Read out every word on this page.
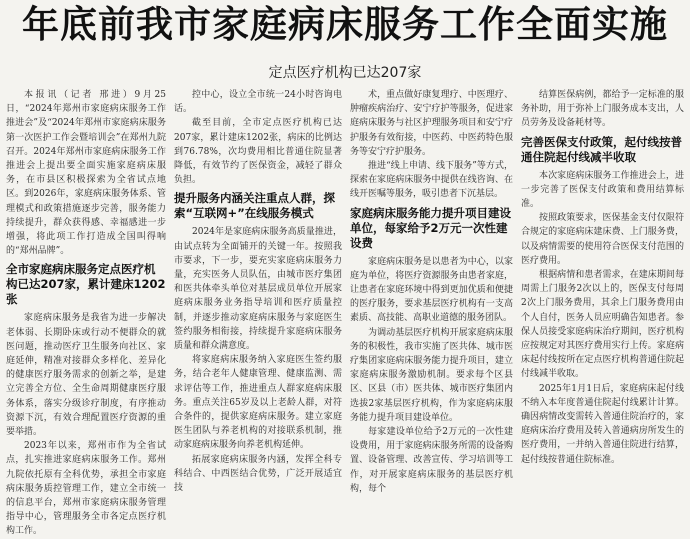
年底前我市家庭病床服务工作全面实施
定点医疗机构已达207家

本报讯（记者 邢进）9月25日，“2024年郑州市家庭病床服务工作推进会”及“2024年郑州市家庭病床服务第一次医护工作会暨培训会”在郑州九院召开。2024年郑州市家庭病床服务工作推进会上提出要全面实施家庭病床服务，在市县区积极探索为全省试点地区。到2026年，家庭病床服务体系、管理模式和政策措施逐步完善，服务能力持续提升，群众获得感、幸福感进一步增强，将此项工作打造成全国叫得响的“郑州品牌”。

全市家庭病床服务定点医疗机构已达207家，累计建床1202张

家庭病床服务是我省为进一步解决老体弱、长期卧床或行动不便群众的就医问题，推动医疗卫生服务向社区、家庭延伸，精准对接群众多样化、差异化的健康医疗服务需求的创新之举，是建立完善全方位、全生命周期健康医疗服务体系，落实分级诊疗制度，有序推动资源下沉，有效合理配置医疗资源的重要举措。

2023年以来，郑州市作为全省试点，扎实推进家庭病床服务工作。郑州九院依托原有全科优势，承担全市家庭病床服务质控管理工作，建立全市统一的信息平台，郑州市家庭病床服务管理指导中心，管理服务全市各定点医疗机构工作。

控中心，设立全市统一24小时咨询电话。

截至目前，全市定点医疗机构已达207家，累计建床1202张，病床的比例达到76.78%，次均费用相比普通住院显著降低，有效节约了医保资金，减轻了群众负担。

提升服务内涵关注重点人群，探索“互联网+”在线服务模式

2024年是家庭病床服务高质量推进，由试点转为全面铺开的关键一年。按照我市要求，下一步，要充实家庭病床服务力量，充实医务人员队伍，由城市医疗集团和医共体牵头单位对基层成员单位开展家庭病床服务业务指导培训和医疗质量控制，并逐步推动家庭病床服务与家庭医生签约服务相衔接，持续提升家庭病床服务质量和群众满意度。

将家庭病床服务纳入家庭医生签约服务，结合老年人健康管理、健康监测、需求评估等工作，推进重点人群家庭病床服务。重点关注65岁及以上老龄人群，对符合条件的，提供家庭病床服务。建立家庭医生团队与养老机构的对接联系机制，推动家庭病床服务向养老机构延伸。

拓展家庭病床服务内涵，发挥全科专科结合、中西医结合优势，广泛开展适宜技

术，重点做好康复理疗、中医理疗、肿瘤疾病治疗、安宁疗护等服务，促进家庭病床服务与社区护理服务项目和安宁疗护服务有效衔接，中医药、中医药特色服务等安宁疗护服务。

推进“线上申请、线下服务”等方式，探索在家庭病床服务中提供在线咨询、在线开医嘱等服务，吸引患者下沉基层。

家庭病床服务能力提升项目建设单位，每家给予2万元一次性建设费

家庭病床服务是以患者为中心，以家庭为单位，将医疗资源服务由患者家庭，让患者在家庭环境中得到更加优质和便捷的医疗服务，要求基层医疗机构有一支高素质、高技能、高职业道德的服务团队。

为调动基层医疗机构开展家庭病床服务的积极性，我市实施了医共体、城市医疗集团家庭病床服务能力提升项目，建立家庭病床服务激励机制。要求每个区县区、区县（市）医共体、城市医疗集团内选拔2家基层医疗机构，作为家庭病床服务能力提升项目建设单位。

每家建设单位给予2万元的一次性建设费用，用于家庭病床服务所需的设备购置、设备管理、改善宣传、学习培训等工作，对开展家庭病床服务的基层医疗机构，每个

结算医保病例，都给予一定标准的服务补助，用于弥补上门服务成本支出，人员劳务及设备耗材等。

完善医保支付政策，起付线按普通住院起付线减半收取

本次家庭病床服务工作推进会上，进一步完善了医保支付政策和费用结算标准。

按照政策要求，医保基金支付仅限符合规定的家庭病床建床费、上门服务费，以及病情需要的使用符合医保支付范围的医疗费用。

根据病情和患者需求，在建床期间每周需上门服务2次以上的，医保支付每周2次上门服务费用，其余上门服务费用由个人自付，医务人员应明确告知患者。参保人员接受家庭病床治疗期间，医疗机构应按规定对其医疗费用实行上传。家庭病床起付线按所在定点医疗机构普通住院起付线减半收取。

2025年1月1日后，家庭病床起付线不纳入本年度普通住院起付线累计计算。确因病情改变需转入普通住院治疗的，家庭病床治疗费用及转入普通病房所发生的医疗费用，一并纳入普通住院进行结算，起付线按普通住院标准。
